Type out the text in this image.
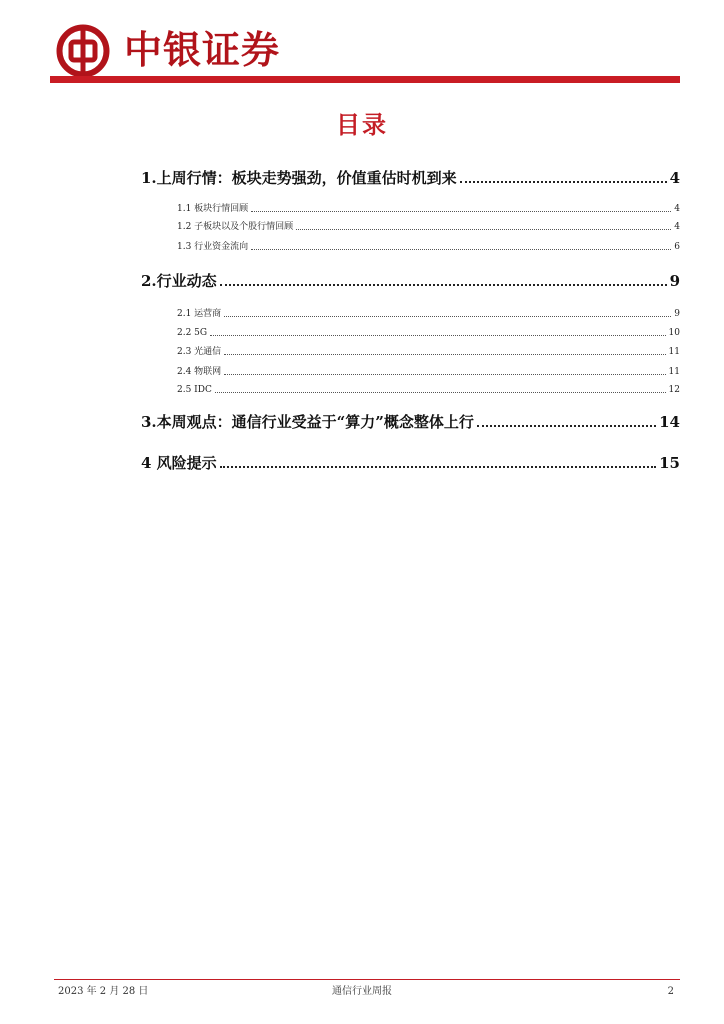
中银证券
目录
1.上周行情：板块走势强劲，价值重估时机到来	4
1.1 板块行情回顾	4
1.2 子板块以及个股行情回顾	4
1.3 行业资金流向	6
2.行业动态	9
2.1 运营商	9
2.2 5G	10
2.3 光通信	11
2.4 物联网	11
2.5 IDC	12
3.本周观点：通信行业受益于“算力”概念整体上行	14
4 风险提示	15
2023 年 2 月 28 日	通信行业周报	2
